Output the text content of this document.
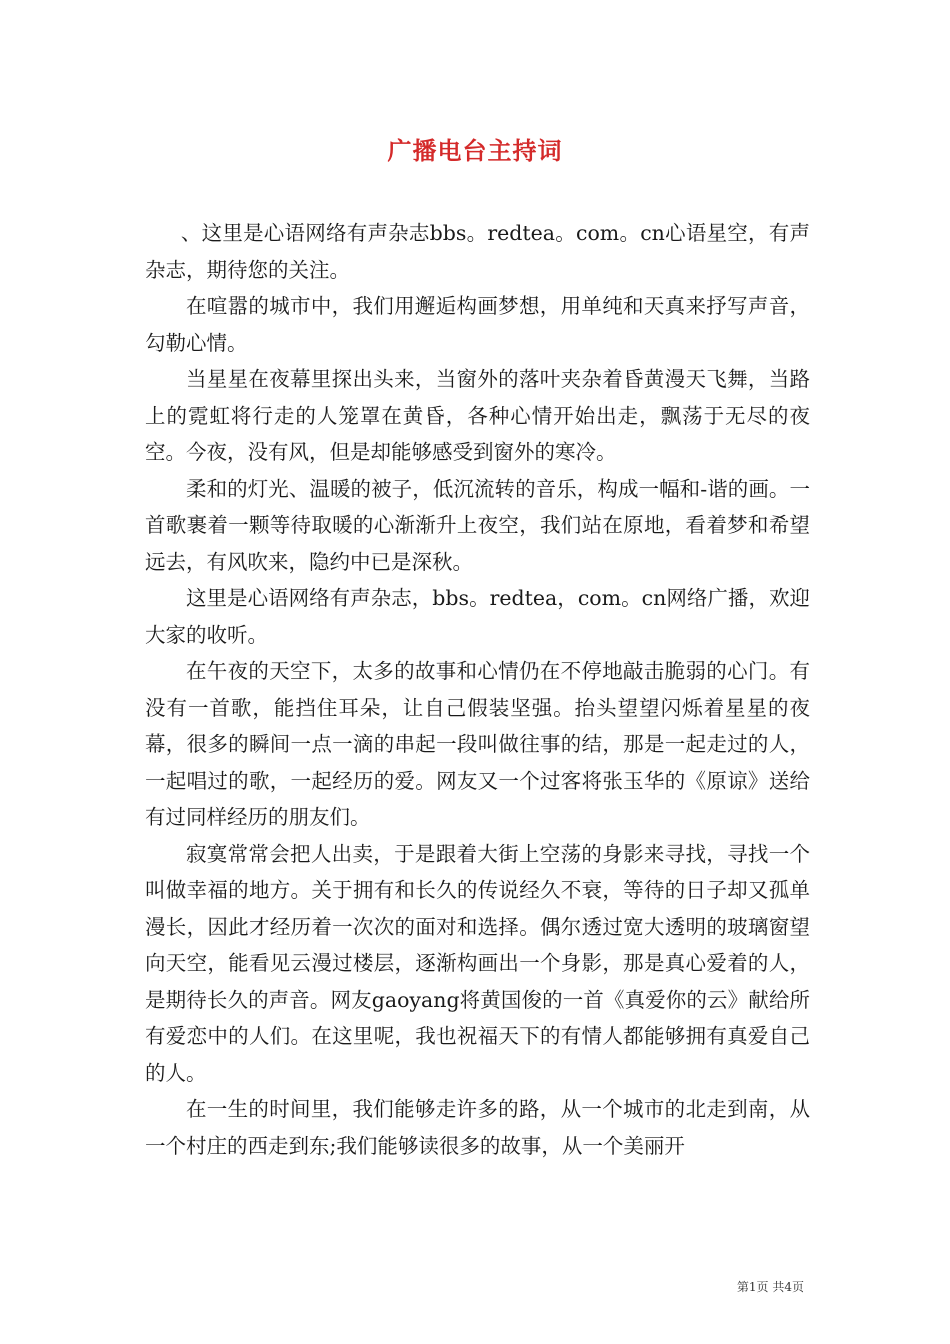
广播电台主持词

、这里是心语网络有声杂志bbs。redtea。com。cn心语星空，有声杂志，期待您的关注。

在喧嚣的城市中，我们用邂逅构画梦想，用单纯和天真来抒写声音，勾勒心情。

当星星在夜幕里探出头来，当窗外的落叶夹杂着昏黄漫天飞舞，当路上的霓虹将行走的人笼罩在黄昏，各种心情开始出走，飘荡于无尽的夜空。今夜，没有风，但是却能够感受到窗外的寒冷。

柔和的灯光、温暖的被子，低沉流转的音乐，构成一幅和-谐的画。一首歌裹着一颗等待取暖的心渐渐升上夜空，我们站在原地，看着梦和希望远去，有风吹来，隐约中已是深秋。

这里是心语网络有声杂志，bbs。redtea，com。cn网络广播，欢迎大家的收听。

在午夜的天空下，太多的故事和心情仍在不停地敲击脆弱的心门。有没有一首歌，能挡住耳朵，让自己假装坚强。抬头望望闪烁着星星的夜幕，很多的瞬间一点一滴的串起一段叫做往事的结，那是一起走过的人，一起唱过的歌，一起经历的爱。网友又一个过客将张玉华的《原谅》送给有过同样经历的朋友们。

寂寞常常会把人出卖，于是跟着大街上空荡的身影来寻找，寻找一个叫做幸福的地方。关于拥有和长久的传说经久不衰，等待的日子却又孤单漫长，因此才经历着一次次的面对和选择。偶尔透过宽大透明的玻璃窗望向天空，能看见云漫过楼层，逐渐构画出一个身影，那是真心爱着的人，是期待长久的声音。网友gaoyang将黄国俊的一首《真爱你的云》献给所有爱恋中的人们。在这里呢，我也祝福天下的有情人都能够拥有真爱自己的人。

在一生的时间里，我们能够走许多的路，从一个城市的北走到南，从一个村庄的西走到东;我们能够读很多的故事，从一个美丽开

第1页 共4页
